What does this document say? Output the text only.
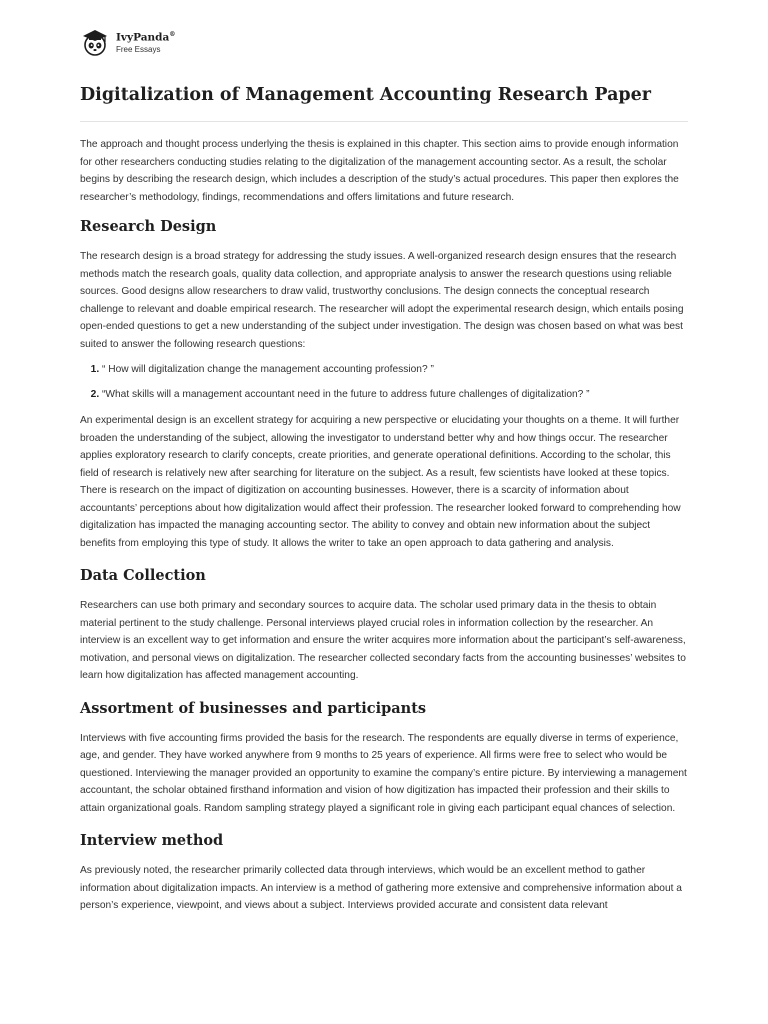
IvyPanda®
Free Essays
Digitalization of Management Accounting Research Paper

The approach and thought process underlying the thesis is explained in this chapter. This section aims to provide enough information for other researchers conducting studies relating to the digitalization of the management accounting sector. As a result, the scholar begins by describing the research design, which includes a description of the study’s actual procedures. This paper then explores the researcher’s methodology, findings, recommendations and offers limitations and future research.

Research Design

The research design is a broad strategy for addressing the study issues. A well-organized research design ensures that the research methods match the research goals, quality data collection, and appropriate analysis to answer the research questions using reliable sources. Good designs allow researchers to draw valid, trustworthy conclusions. The design connects the conceptual research challenge to relevant and doable empirical research. The researcher will adopt the experimental research design, which entails posing open-ended questions to get a new understanding of the subject under investigation. The design was chosen based on what was best suited to answer the following research questions:

1. “ How will digitalization change the management accounting profession? ”
2. “What skills will a management accountant need in the future to address future challenges of digitalization? ”

An experimental design is an excellent strategy for acquiring a new perspective or elucidating your thoughts on a theme. It will further broaden the understanding of the subject, allowing the investigator to understand better why and how things occur. The researcher applies exploratory research to clarify concepts, create priorities, and generate operational definitions. According to the scholar, this field of research is relatively new after searching for literature on the subject. As a result, few scientists have looked at these topics. There is research on the impact of digitization on accounting businesses. However, there is a scarcity of information about accountants’ perceptions about how digitalization would affect their profession. The researcher looked forward to comprehending how digitalization has impacted the managing accounting sector. The ability to convey and obtain new information about the subject benefits from employing this type of study. It allows the writer to take an open approach to data gathering and analysis.

Data Collection

Researchers can use both primary and secondary sources to acquire data. The scholar used primary data in the thesis to obtain material pertinent to the study challenge. Personal interviews played crucial roles in information collection by the researcher. An interview is an excellent way to get information and ensure the writer acquires more information about the participant’s self-awareness, motivation, and personal views on digitalization. The researcher collected secondary facts from the accounting businesses’ websites to learn how digitalization has affected management accounting.

Assortment of businesses and participants

Interviews with five accounting firms provided the basis for the research. The respondents are equally diverse in terms of experience, age, and gender. They have worked anywhere from 9 months to 25 years of experience. All firms were free to select who would be questioned. Interviewing the manager provided an opportunity to examine the company’s entire picture. By interviewing a management accountant, the scholar obtained firsthand information and vision of how digitization has impacted their profession and their skills to attain organizational goals. Random sampling strategy played a significant role in giving each participant equal chances of selection.

Interview method

As previously noted, the researcher primarily collected data through interviews, which would be an excellent method to gather information about digitalization impacts. An interview is a method of gathering more extensive and comprehensive information about a person’s experience, viewpoint, and views about a subject. Interviews provided accurate and consistent data relevant
